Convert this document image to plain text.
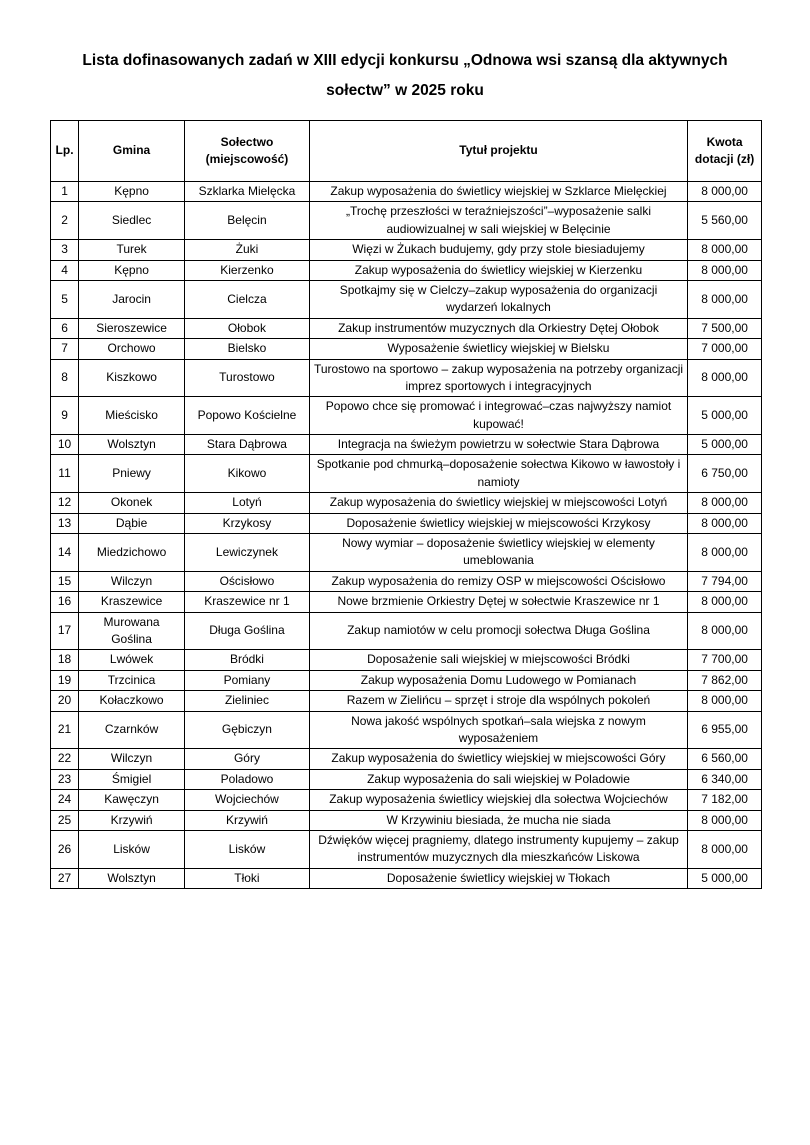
Lista dofinasowanych zadań w XIII edycji konkursu „Odnowa wsi szansą dla aktywnych sołectw” w 2025 roku
Lp.	Gmina	Sołectwo (miejscowość)	Tytuł projektu	Kwota dotacji (zł)
1	Kępno	Szklarka Mielęcka	Zakup wyposażenia do świetlicy wiejskiej w Szklarce Mielęckiej	8 000,00
2	Siedlec	Belęcin	„Trochę przeszłości w teraźniejszości”–wyposażenie salki audiowizualnej w sali wiejskiej w Belęcinie	5 560,00
3	Turek	Żuki	Więzi w Żukach budujemy, gdy przy stole biesiadujemy	8 000,00
4	Kępno	Kierzenko	Zakup wyposażenia do świetlicy wiejskiej w Kierzenku	8 000,00
5	Jarocin	Cielcza	Spotkajmy się w Cielczy–zakup wyposażenia do organizacji wydarzeń lokalnych	8 000,00
6	Sieroszewice	Ołobok	Zakup instrumentów muzycznych dla Orkiestry Dętej Ołobok	7 500,00
7	Orchowo	Bielsko	Wyposażenie świetlicy wiejskiej w Bielsku	7 000,00
8	Kiszkowo	Turostowo	Turostowo na sportowo – zakup wyposażenia na potrzeby organizacji imprez sportowych i integracyjnych	8 000,00
9	Mieścisko	Popowo Kościelne	Popowo chce się promować i integrować–czas najwyższy namiot kupować!	5 000,00
10	Wolsztyn	Stara Dąbrowa	Integracja na świeżym powietrzu w sołectwie Stara Dąbrowa	5 000,00
11	Pniewy	Kikowo	Spotkanie pod chmurką–doposażenie sołectwa Kikowo w ławostoły i namioty	6 750,00
12	Okonek	Lotyń	Zakup wyposażenia do świetlicy wiejskiej w miejscowości Lotyń	8 000,00
13	Dąbie	Krzykosy	Doposażenie świetlicy wiejskiej w miejscowości Krzykosy	8 000,00
14	Miedzichowo	Lewiczynek	Nowy wymiar – doposażenie świetlicy wiejskiej w elementy umeblowania	8 000,00
15	Wilczyn	Ościsłowo	Zakup wyposażenia do remizy OSP w miejscowości Ościsłowo	7 794,00
16	Kraszewice	Kraszewice nr 1	Nowe brzmienie Orkiestry Dętej w sołectwie Kraszewice nr 1	8 000,00
17	Murowana Goślina	Długa Goślina	Zakup namiotów w celu promocji sołectwa Długa Goślina	8 000,00
18	Lwówek	Bródki	Doposażenie sali wiejskiej w miejscowości Bródki	7 700,00
19	Trzcinica	Pomiany	Zakup wyposażenia Domu Ludowego w Pomianach	7 862,00
20	Kołaczkowo	Zieliniec	Razem w Zielińcu – sprzęt i stroje dla wspólnych pokoleń	8 000,00
21	Czarnków	Gębiczyn	Nowa jakość wspólnych spotkań–sala wiejska z nowym wyposażeniem	6 955,00
22	Wilczyn	Góry	Zakup wyposażenia do świetlicy wiejskiej w miejscowości Góry	6 560,00
23	Śmigiel	Poladowo	Zakup wyposażenia do sali wiejskiej w Poladowie	6 340,00
24	Kawęczyn	Wojciechów	Zakup wyposażenia świetlicy wiejskiej dla sołectwa Wojciechów	7 182,00
25	Krzywiń	Krzywiń	W Krzywiniu biesiada, że mucha nie siada	8 000,00
26	Lisków	Lisków	Dźwięków więcej pragniemy, dlatego instrumenty kupujemy – zakup instrumentów muzycznych dla mieszkańców Liskowa	8 000,00
27	Wolsztyn	Tłoki	Doposażenie świetlicy wiejskiej w Tłokach	5 000,00
